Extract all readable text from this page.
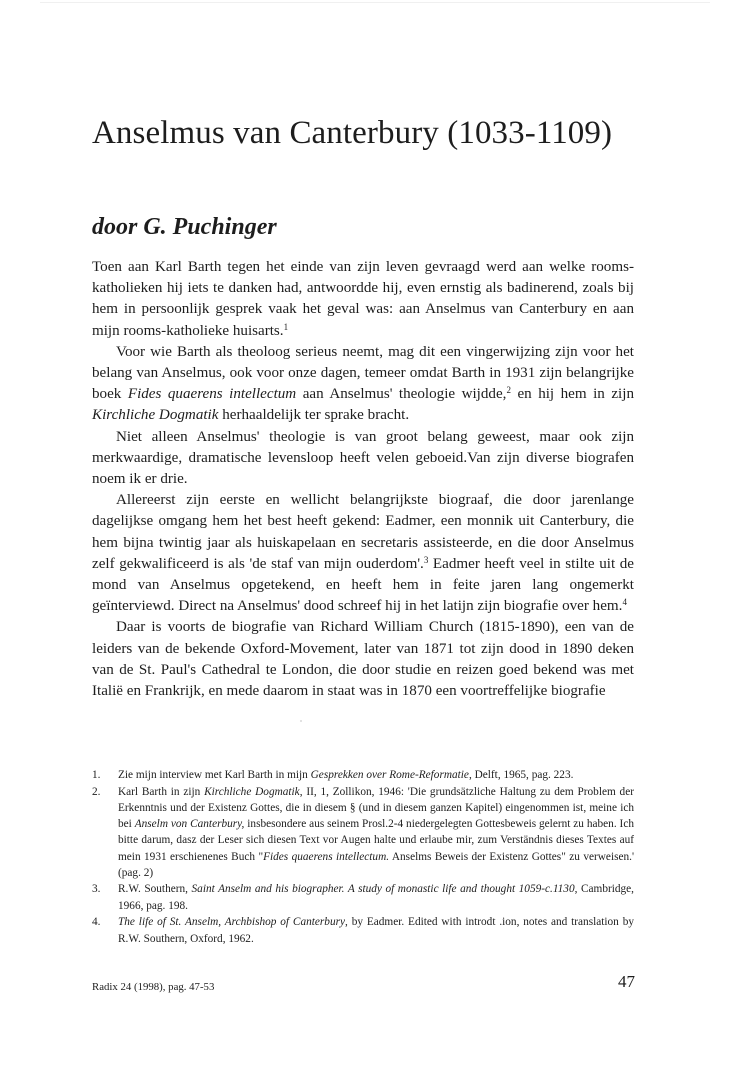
Anselmus van Canterbury (1033-1109)
door G. Puchinger

Toen aan Karl Barth tegen het einde van zijn leven gevraagd werd aan welke rooms-katholieken hij iets te danken had, antwoordde hij, even ernstig als badinerend, zoals bij hem in persoonlijk gesprek vaak het geval was: aan Anselmus van Canterbury en aan mijn rooms-katholieke huisarts.$^1$

Voor wie Barth als theoloog serieus neemt, mag dit een vingerwijzing zijn voor het belang van Anselmus, ook voor onze dagen, temeer omdat Barth in 1931 zijn belangrijke boek Fides quaerens intellectum aan Anselmus' theologie wijdde,$^2$ en hij hem in zijn Kirchliche Dogmatik herhaaldelijk ter sprake bracht.

Niet alleen Anselmus' theologie is van groot belang geweest, maar ook zijn merkwaardige, dramatische levensloop heeft velen geboeid.Van zijn diverse biografen noem ik er drie.

Allereerst zijn eerste en wellicht belangrijkste biograaf, die door jarenlange dagelijkse omgang hem het best heeft gekend: Eadmer, een monnik uit Canterbury, die hem bijna twintig jaar als huiskapelaan en secretaris assisteerde, en die door Anselmus zelf gekwalificeerd is als 'de staf van mijn ouderdom'.$^3$ Eadmer heeft veel in stilte uit de mond van Anselmus opgetekend, en heeft hem in feite jaren lang ongemerkt geïnterviewd. Direct na Anselmus' dood schreef hij in het latijn zijn biografie over hem.$^4$

Daar is voorts de biografie van Richard William Church (1815-1890), een van de leiders van de bekende Oxford-Movement, later van 1871 tot zijn dood in 1890 deken van de St. Paul's Cathedral te London, die door studie en reizen goed bekend was met Italië en Frankrijk, en mede daarom in staat was in 1870 een voortreffelijke biografie

1. Zie mijn interview met Karl Barth in mijn Gesprekken over Rome-Reformatie, Delft, 1965, pag. 223.
2. Karl Barth in zijn Kirchliche Dogmatik, II, 1, Zollikon, 1946: 'Die grundsätzliche Haltung zu dem Problem der Erkenntnis und der Existenz Gottes, die in diesem § (und in diesem ganzen Kapitel) eingenommen ist, meine ich bei Anselm von Canterbury, insbesondere aus seinem Prosl.2-4 niedergelegten Gottesbeweis gelernt zu haben. Ich bitte darum, dasz der Leser sich diesen Text vor Augen halte und erlaube mir, zum Verständnis dieses Textes auf mein 1931 erschienenes Buch "Fides quaerens intellectum. Anselms Beweis der Existenz Gottes" zu verweisen.' (pag. 2)
3. R.W. Southern, Saint Anselm and his biographer. A study of monastic life and thought 1059-c.1130, Cambridge, 1966, pag. 198.
4. The life of St. Anselm, Archbishop of Canterbury, by Eadmer. Edited with introdt .ion, notes and translation by R.W. Southern, Oxford, 1962.
Radix 24 (1998), pag. 47-53	47
